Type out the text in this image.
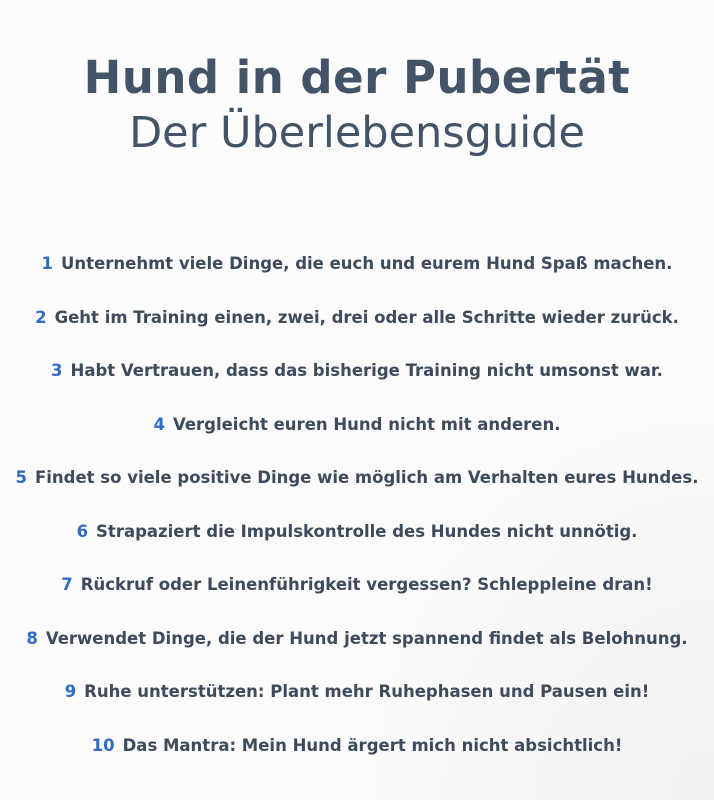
Hund in der Pubertät
Der Überlebensguide
1 Unternehmt viele Dinge, die euch und eurem Hund Spaß machen.
2 Geht im Training einen, zwei, drei oder alle Schritte wieder zurück.
3 Habt Vertrauen, dass das bisherige Training nicht umsonst war.
4 Vergleicht euren Hund nicht mit anderen.
5 Findet so viele positive Dinge wie möglich am Verhalten eures Hundes.
6 Strapaziert die Impulskontrolle des Hundes nicht unnötig.
7 Rückruf oder Leinenführigkeit vergessen? Schleppleine dran!
8 Verwendet Dinge, die der Hund jetzt spannend findet als Belohnung.
9 Ruhe unterstützen: Plant mehr Ruhephasen und Pausen ein!
10 Das Mantra: Mein Hund ärgert mich nicht absichtlich!
